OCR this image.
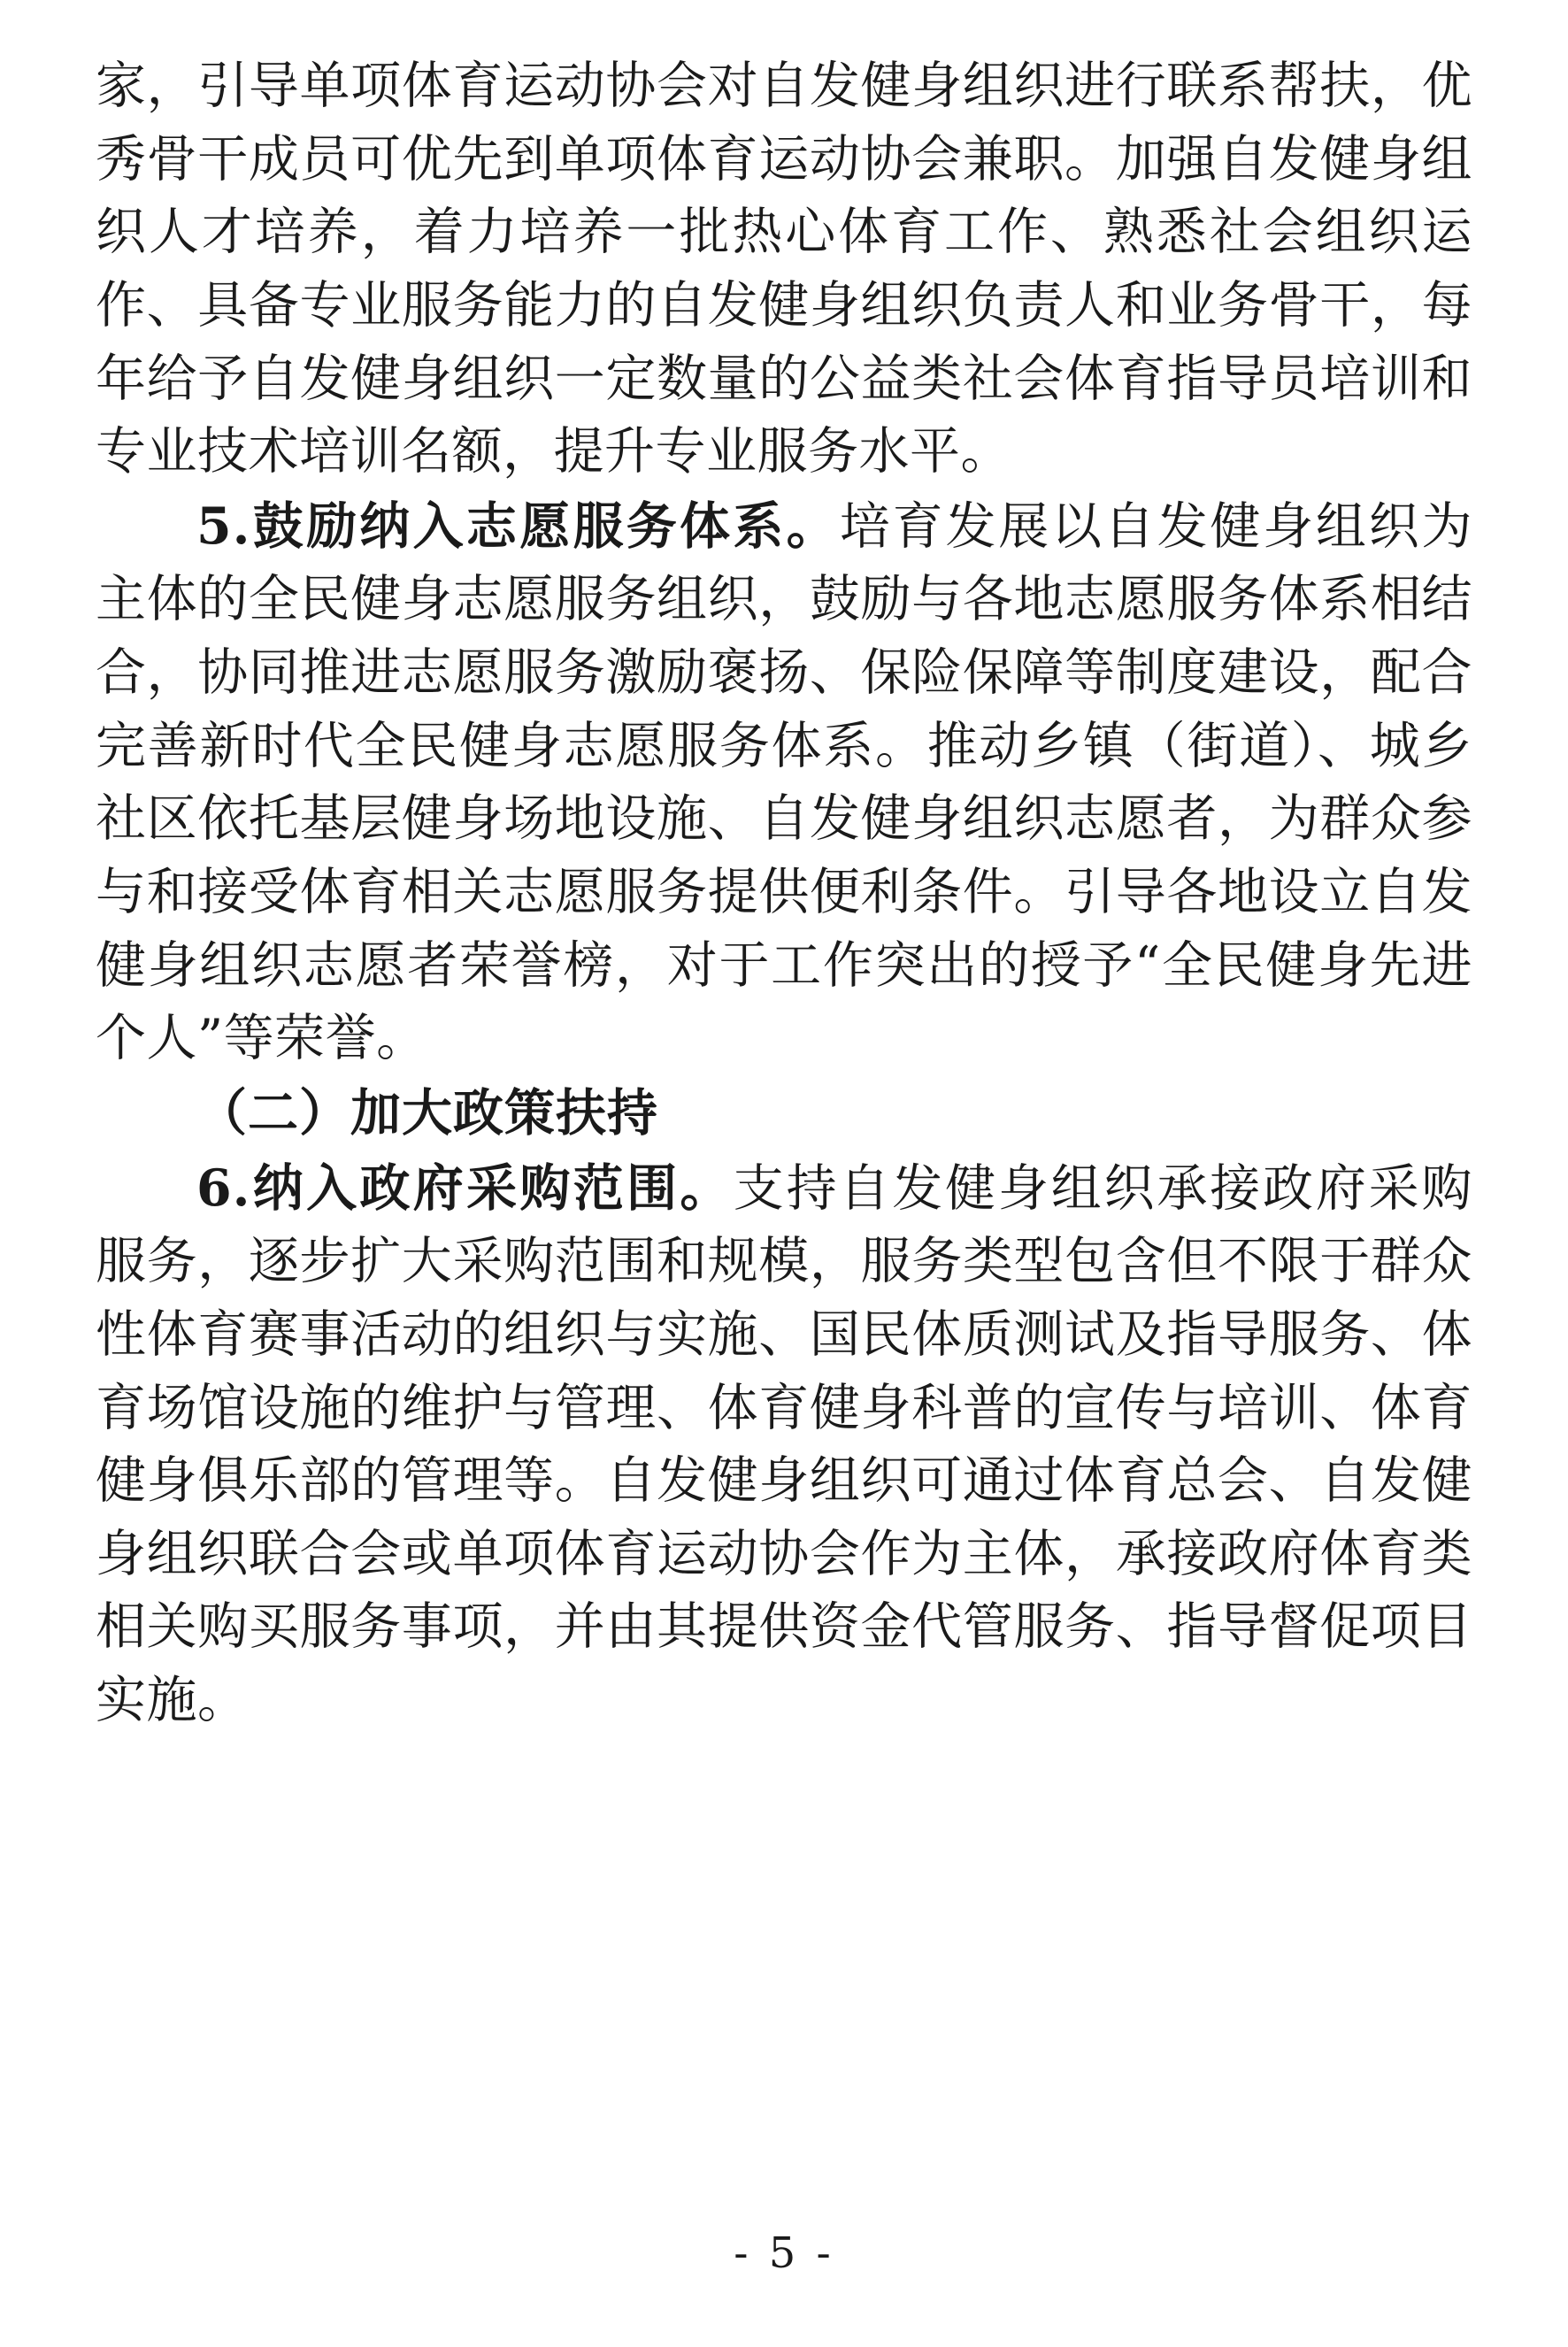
家，引导单项体育运动协会对自发健身组织进行联系帮扶，优秀骨干成员可优先到单项体育运动协会兼职。加强自发健身组织人才培养，着力培养一批热心体育工作、熟悉社会组织运作、具备专业服务能力的自发健身组织负责人和业务骨干，每年给予自发健身组织一定数量的公益类社会体育指导员培训和专业技术培训名额，提升专业服务水平。

5.鼓励纳入志愿服务体系。培育发展以自发健身组织为主体的全民健身志愿服务组织，鼓励与各地志愿服务体系相结合，协同推进志愿服务激励褒扬、保险保障等制度建设，配合完善新时代全民健身志愿服务体系。推动乡镇（街道）、城乡社区依托基层健身场地设施、自发健身组织志愿者，为群众参与和接受体育相关志愿服务提供便利条件。引导各地设立自发健身组织志愿者荣誉榜，对于工作突出的授予“全民健身先进个人”等荣誉。

（二）加大政策扶持

6.纳入政府采购范围。支持自发健身组织承接政府采购服务，逐步扩大采购范围和规模，服务类型包含但不限于群众性体育赛事活动的组织与实施、国民体质测试及指导服务、体育场馆设施的维护与管理、体育健身科普的宣传与培训、体育健身俱乐部的管理等。自发健身组织可通过体育总会、自发健身组织联合会或单项体育运动协会作为主体，承接政府体育类相关购买服务事项，并由其提供资金代管服务、指导督促项目实施。

- 5 -
